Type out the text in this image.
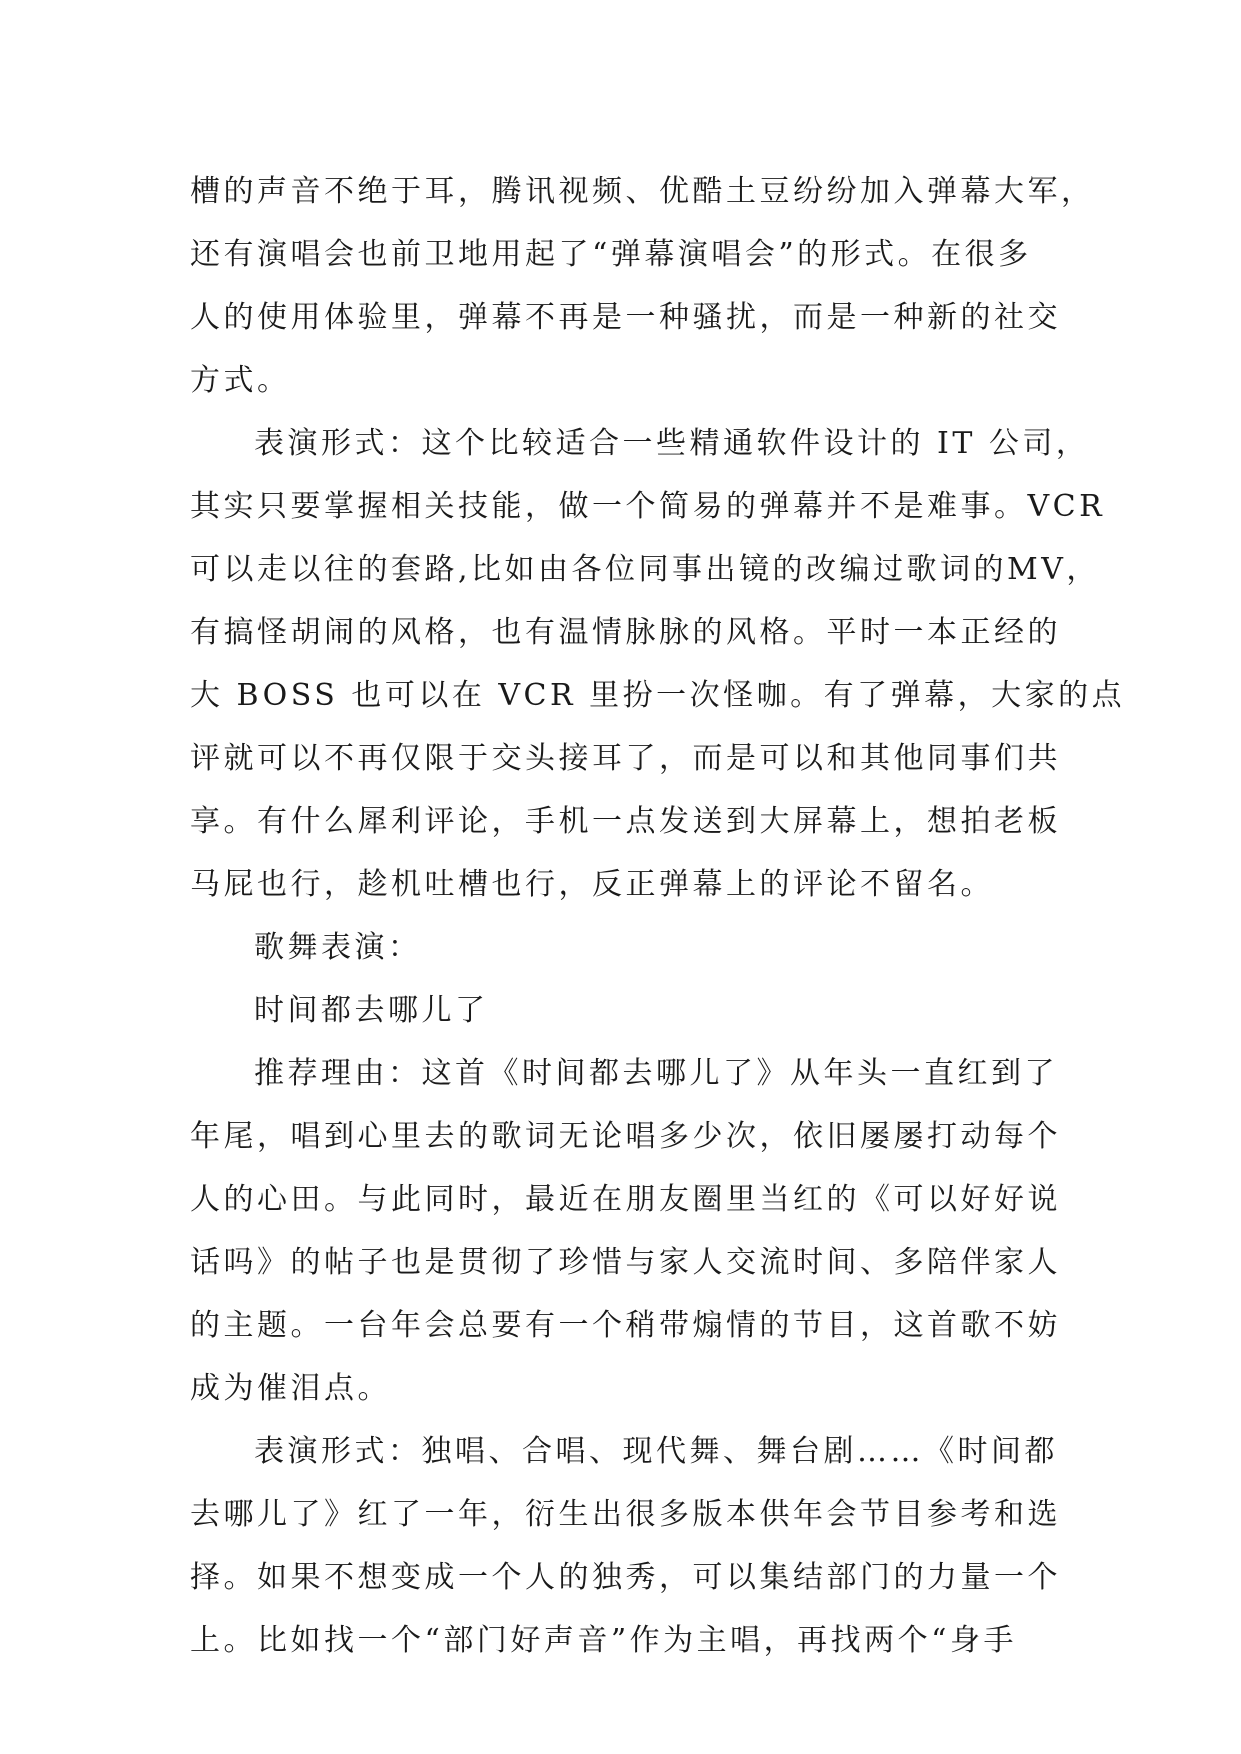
槽的声音不绝于耳，腾讯视频、优酷土豆纷纷加入弹幕大军，
还有演唱会也前卫地用起了“弹幕演唱会”的形式。在很多
人的使用体验里，弹幕不再是一种骚扰，而是一种新的社交
方式。
表演形式：这个比较适合一些精通软件设计的 IT 公司，
其实只要掌握相关技能，做一个简易的弹幕并不是难事。VCR
可以走以往的套路,比如由各位同事出镜的改编过歌词的MV，
有搞怪胡闹的风格，也有温情脉脉的风格。平时一本正经的
大 BOSS 也可以在 VCR 里扮一次怪咖。有了弹幕，大家的点
评就可以不再仅限于交头接耳了，而是可以和其他同事们共
享。有什么犀利评论，手机一点发送到大屏幕上，想拍老板
马屁也行，趁机吐槽也行，反正弹幕上的评论不留名。
歌舞表演：
时间都去哪儿了
推荐理由：这首《时间都去哪儿了》从年头一直红到了
年尾，唱到心里去的歌词无论唱多少次，依旧屡屡打动每个
人的心田。与此同时，最近在朋友圈里当红的《可以好好说
话吗》的帖子也是贯彻了珍惜与家人交流时间、多陪伴家人
的主题。一台年会总要有一个稍带煽情的节目，这首歌不妨
成为催泪点。
表演形式：独唱、合唱、现代舞、舞台剧……《时间都
去哪儿了》红了一年，衍生出很多版本供年会节目参考和选
择。如果不想变成一个人的独秀，可以集结部门的力量一个
上。比如找一个“部门好声音”作为主唱，再找两个“身手
